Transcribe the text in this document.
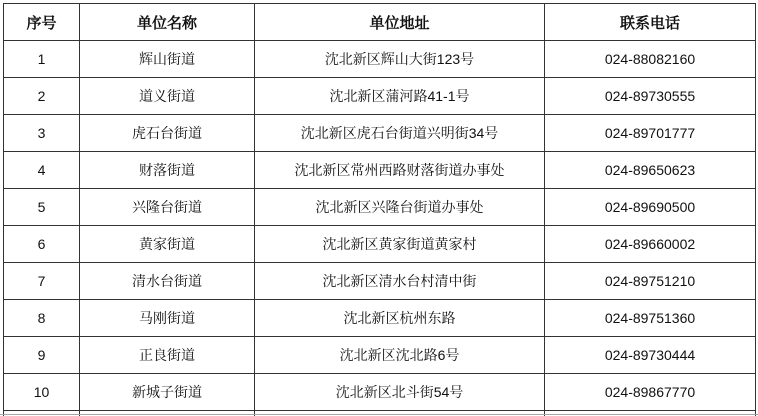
序号	单位名称	单位地址	联系电话
1	辉山街道	沈北新区辉山大街123号	024-88082160
2	道义街道	沈北新区蒲河路41-1号	024-89730555
3	虎石台街道	沈北新区虎石台街道兴明街34号	024-89701777
4	财落街道	沈北新区常州西路财落街道办事处	024-89650623
5	兴隆台街道	沈北新区兴隆台街道办事处	024-89690500
6	黄家街道	沈北新区黄家街道黄家村	024-89660002
7	清水台街道	沈北新区清水台村清中街	024-89751210
8	马刚街道	沈北新区杭州东路	024-89751360
9	正良街道	沈北新区沈北路6号	024-89730444
10	新城子街道	沈北新区北斗街54号	024-89867770
